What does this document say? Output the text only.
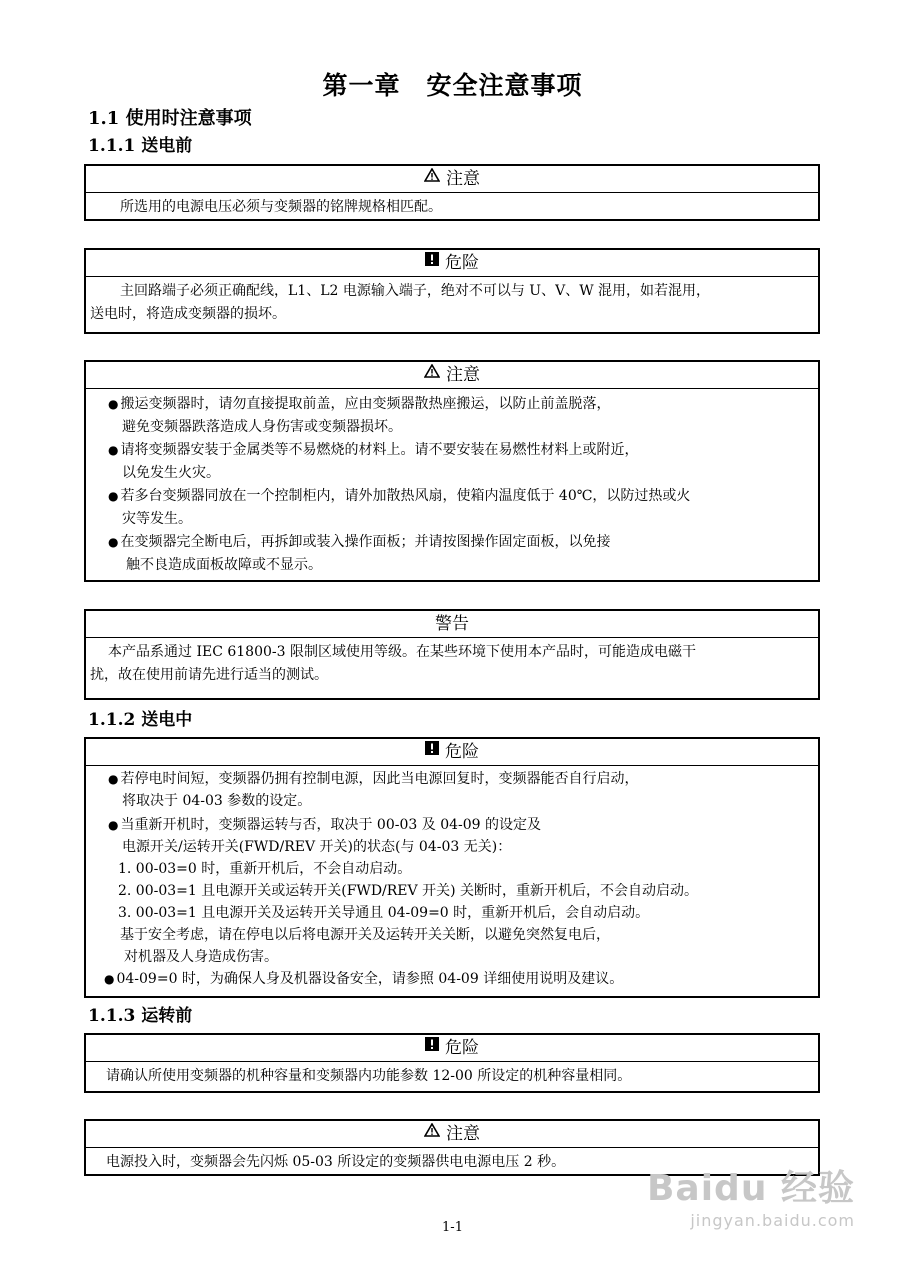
第一章　安全注意事项
1.1 使用时注意事项
1.1.1 送电前
注意
所选用的电源电压必须与变频器的铭牌规格相匹配。
危险
主回路端子必须正确配线，L1、L2 电源输入端子，绝对不可以与 U、V、W 混用，如若混用，
送电时，将造成变频器的损坏。
注意
● 搬运变频器时，请勿直接提取前盖，应由变频器散热座搬运，以防止前盖脱落，
避免变频器跌落造成人身伤害或变频器损坏。
● 请将变频器安装于金属类等不易燃烧的材料上。请不要安装在易燃性材料上或附近，
以免发生火灾。
● 若多台变频器同放在一个控制柜内，请外加散热风扇，使箱内温度低于 40℃，以防过热或火
灾等发生。
● 在变频器完全断电后，再拆卸或装入操作面板；并请按图操作固定面板，以免接
触不良造成面板故障或不显示。
警告
本产品系通过 IEC 61800-3 限制区域使用等级。在某些环境下使用本产品时，可能造成电磁干
扰，故在使用前请先进行适当的测试。
1.1.2 送电中
危险
● 若停电时间短，变频器仍拥有控制电源，因此当电源回复时，变频器能否自行启动，
将取决于 04-03 参数的设定。
● 当重新开机时，变频器运转与否，取决于 00-03 及 04-09 的设定及
电源开关/运转开关(FWD/REV 开关)的状态(与 04-03 无关)：
1. 00-03=0 时，重新开机后，不会自动启动。
2. 00-03=1 且电源开关或运转开关(FWD/REV 开关) 关断时，重新开机后，不会自动启动。
3. 00-03=1 且电源开关及运转开关导通且 04-09=0 时，重新开机后，会自动启动。
基于安全考虑，请在停电以后将电源开关及运转开关关断，以避免突然复电后，
对机器及人身造成伤害。
● 04-09=0 时，为确保人身及机器设备安全，请参照 04-09 详细使用说明及建议。
1.1.3 运转前
危险
请确认所使用变频器的机种容量和变频器内功能参数 12-00 所设定的机种容量相同。
注意
电源投入时，变频器会先闪烁 05-03 所设定的变频器供电电源电压 2 秒。
1-1
Baidu 经验
jingyan.baidu.com
